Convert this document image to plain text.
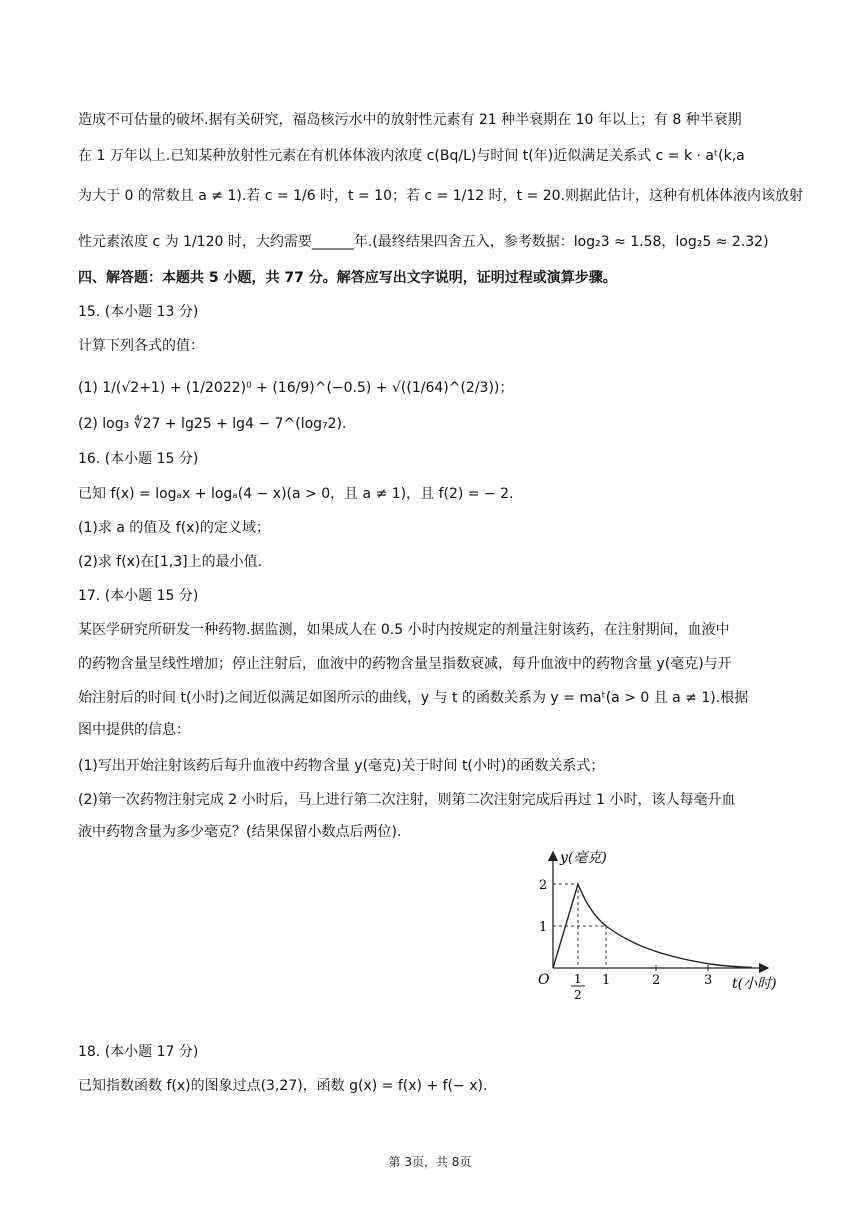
造成不可估量的破坏.据有关研究，福岛核污水中的放射性元素有 21 种半衰期在 10 年以上；有 8 种半衰期
在 1 万年以上.已知某种放射性元素在有机体体液内浓度 c(Bq/L)与时间 t(年)近似满足关系式 c = k · aᵗ(k,a
为大于 0 的常数且 a ≠ 1).若 c = 1/6 时，t = 10；若 c = 1/12 时，t = 20.则据此估计，这种有机体体液内该放射
性元素浓度 c 为 1/120 时，大约需要______年.(最终结果四舍五入，参考数据：log₂3 ≈ 1.58，log₂5 ≈ 2.32)
四、解答题：本题共 5 小题，共 77 分。解答应写出文字说明，证明过程或演算步骤。
15. (本小题 13 分)
计算下列各式的值：
(1) 1/(√2+1) + (1/2022)⁰ + (16/9)^(−0.5) + √((1/64)^(2/3))；
(2) log₃ ∜27 + lg25 + lg4 − 7^(log₇2).
16. (本小题 15 分)
已知 f(x) = logₐx + logₐ(4 − x)(a > 0，且 a ≠ 1)，且 f(2) = − 2.
(1)求 a 的值及 f(x)的定义域；
(2)求 f(x)在[1,3]上的最小值.
17. (本小题 15 分)
某医学研究所研发一种药物.据监测，如果成人在 0.5 小时内按规定的剂量注射该药，在注射期间，血液中
的药物含量呈线性增加；停止注射后，血液中的药物含量呈指数衰减，每升血液中的药物含量 y(毫克)与开
始注射后的时间 t(小时)之间近似满足如图所示的曲线，y 与 t 的函数关系为 y = maᵗ(a > 0 且 a ≠ 1).根据
图中提供的信息：
(1)写出开始注射该药后每升血液中药物含量 y(毫克)关于时间 t(小时)的函数关系式；
(2)第一次药物注射完成 2 小时后，马上进行第二次注射，则第二次注射完成后再过 1 小时，该人每毫升血
液中药物含量为多少毫克？(结果保留小数点后两位).
y(毫克)
t(小时)
O
2
1
1	2	3
1
2
18. (本小题 17 分)
已知指数函数 f(x)的图象过点(3,27)，函数 g(x) = f(x) + f(− x).
第 3页，共 8页
